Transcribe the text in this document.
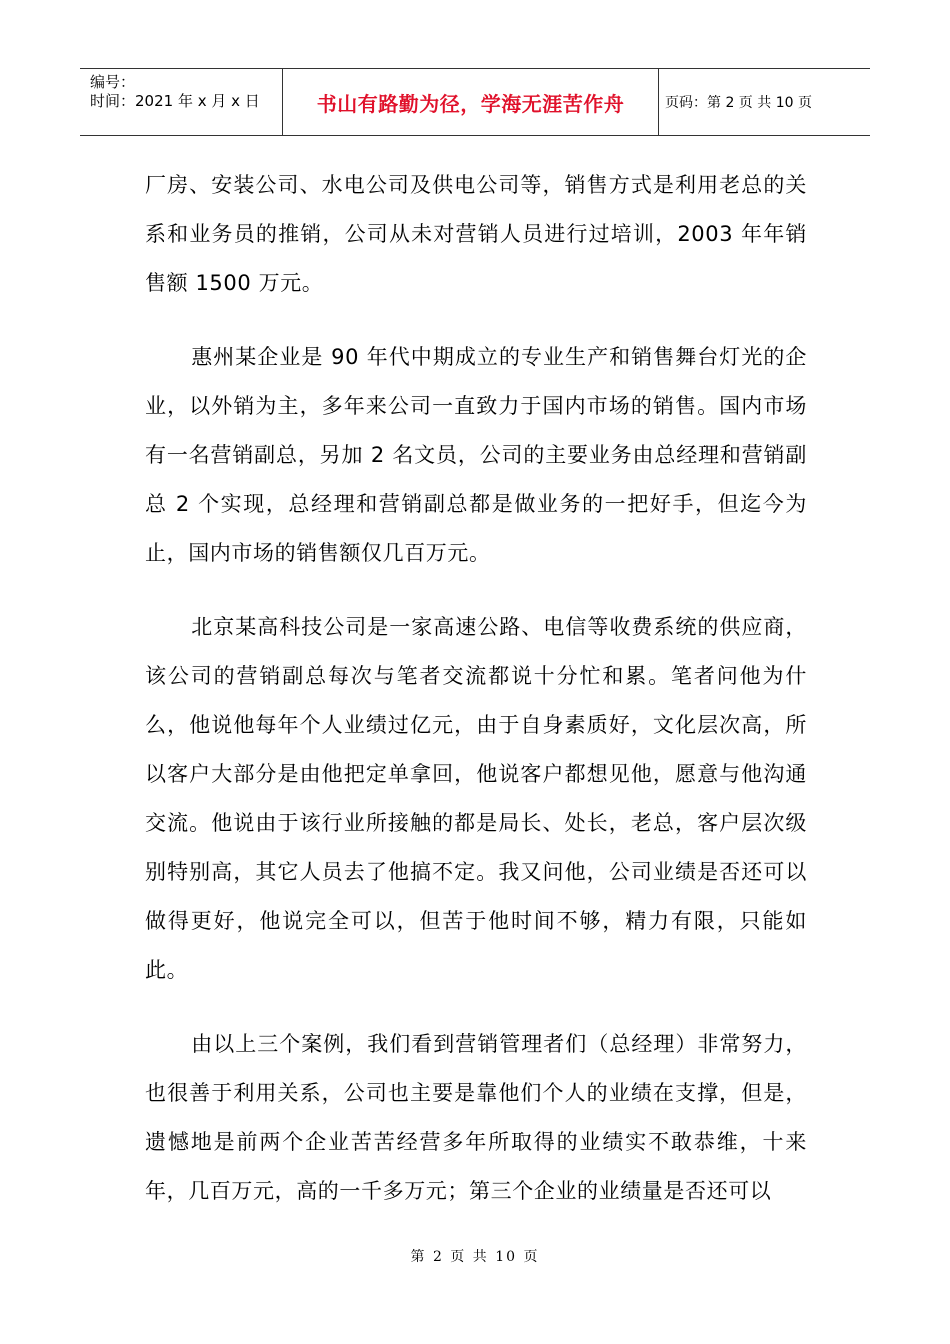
编号：
时间：2021 年 x 月 x 日	书山有路勤为径，学海无涯苦作舟	页码：第 2 页 共 10 页

厂房、安装公司、水电公司及供电公司等，销售方式是利用老总的关系和业务员的推销，公司从未对营销人员进行过培训，2003 年年销售额 1500 万元。

惠州某企业是 90 年代中期成立的专业生产和销售舞台灯光的企业，以外销为主，多年来公司一直致力于国内市场的销售。国内市场有一名营销副总，另加 2 名文员，公司的主要业务由总经理和营销副总 2 个实现，总经理和营销副总都是做业务的一把好手，但迄今为止，国内市场的销售额仅几百万元。

北京某高科技公司是一家高速公路、电信等收费系统的供应商，该公司的营销副总每次与笔者交流都说十分忙和累。笔者问他为什么，他说他每年个人业绩过亿元，由于自身素质好，文化层次高，所以客户大部分是由他把定单拿回，他说客户都想见他，愿意与他沟通交流。他说由于该行业所接触的都是局长、处长，老总，客户层次级别特别高，其它人员去了他搞不定。我又问他，公司业绩是否还可以做得更好，他说完全可以，但苦于他时间不够，精力有限，只能如此。

由以上三个案例，我们看到营销管理者们（总经理）非常努力，也很善于利用关系，公司也主要是靠他们个人的业绩在支撑，但是，遗憾地是前两个企业苦苦经营多年所取得的业绩实不敢恭维，十来年，几百万元，高的一千多万元；第三个企业的业绩量是否还可以

第 2 页 共 10 页
